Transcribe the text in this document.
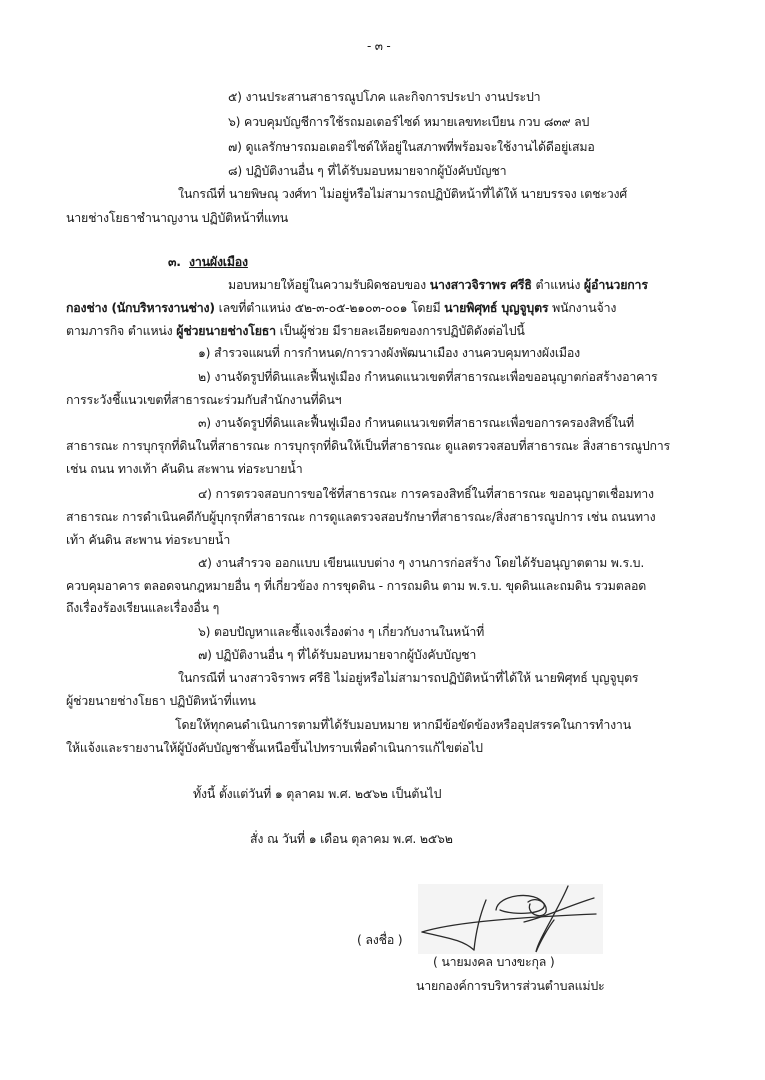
- ๓ -
๕) งานประสานสาธารณูปโภค และกิจการประปา งานประปา
๖) ควบคุมบัญชีการใช้รถมอเตอร์ไซด์ หมายเลขทะเบียน กวบ ๘๓๙ ลป
๗) ดูแลรักษารถมอเตอร์ไซด์ให้อยู่ในสภาพที่พร้อมจะใช้งานได้ดีอยู่เสมอ
๘) ปฏิบัติงานอื่น ๆ ที่ได้รับมอบหมายจากผู้บังคับบัญชา
ในกรณีที่ นายพิษณุ วงศ์ทา ไม่อยู่หรือไม่สามารถปฏิบัติหน้าที่ได้ให้ นายบรรจง เตชะวงศ์
นายช่างโยธาชำนาญงาน ปฏิบัติหน้าที่แทน
๓. งานผังเมือง
มอบหมายให้อยู่ในความรับผิดชอบของ นางสาวจิราพร ศรีธิ ตำแหน่ง ผู้อำนวยการ
กองช่าง (นักบริหารงานช่าง) เลขที่ตำแหน่ง ๕๒-๓-๐๕-๒๑๐๓-๐๐๑ โดยมี นายพิศุทธ์ บุญจูบุตร พนักงานจ้าง
ตามภารกิจ ตำแหน่ง ผู้ช่วยนายช่างโยธา เป็นผู้ช่วย มีรายละเอียดของการปฏิบัติดังต่อไปนี้
๑) สำรวจแผนที่ การกำหนด/การวางผังพัฒนาเมือง งานควบคุมทางผังเมือง
๒) งานจัดรูปที่ดินและฟื้นฟูเมือง กำหนดแนวเขตที่สาธารณะเพื่อขออนุญาตก่อสร้างอาคาร
การระวังชี้แนวเขตที่สาธารณะร่วมกับสำนักงานที่ดินฯ
๓) งานจัดรูปที่ดินและฟื้นฟูเมือง กำหนดแนวเขตที่สาธารณะเพื่อขอการครองสิทธิ์ในที่
สาธารณะ การบุกรุกที่ดินในที่สาธารณะ การบุกรุกที่ดินให้เป็นที่สาธารณะ ดูแลตรวจสอบที่สาธารณะ สิ่งสาธารณูปการ
เช่น ถนน ทางเท้า คันดิน สะพาน ท่อระบายน้ำ
๔) การตรวจสอบการขอใช้ที่สาธารณะ การครองสิทธิ์ในที่สาธารณะ ขออนุญาตเชื่อมทาง
สาธารณะ การดำเนินคดีกับผู้บุกรุกที่สาธารณะ การดูแลตรวจสอบรักษาที่สาธารณะ/สิ่งสาธารณูปการ เช่น ถนนทาง
เท้า คันดิน สะพาน ท่อระบายน้ำ
๕) งานสำรวจ ออกแบบ เขียนแบบต่าง ๆ งานการก่อสร้าง โดยได้รับอนุญาตตาม พ.ร.บ.
ควบคุมอาคาร ตลอดจนกฎหมายอื่น ๆ ที่เกี่ยวข้อง การขุดดิน - การถมดิน ตาม พ.ร.บ. ขุดดินและถมดิน รวมตลอด
ถึงเรื่องร้องเรียนและเรื่องอื่น ๆ
๖) ตอบปัญหาและชี้แจงเรื่องต่าง ๆ เกี่ยวกับงานในหน้าที่
๗) ปฏิบัติงานอื่น ๆ ที่ได้รับมอบหมายจากผู้บังคับบัญชา
ในกรณีที่ นางสาวจิราพร ศรีธิ ไม่อยู่หรือไม่สามารถปฏิบัติหน้าที่ได้ให้ นายพิศุทธ์ บุญจูบุตร
ผู้ช่วยนายช่างโยธา ปฏิบัติหน้าที่แทน
โดยให้ทุกคนดำเนินการตามที่ได้รับมอบหมาย หากมีข้อขัดข้องหรืออุปสรรคในการทำงาน
ให้แจ้งและรายงานให้ผู้บังคับบัญชาชั้นเหนือขึ้นไปทราบเพื่อดำเนินการแก้ไขต่อไป
ทั้งนี้ ตั้งแต่วันที่ ๑ ตุลาคม พ.ศ. ๒๕๖๒ เป็นต้นไป
สั่ง ณ วันที่ ๑ เดือน ตุลาคม พ.ศ. ๒๕๖๒
( ลงชื่อ )
( นายมงคล บางขะกุล )
นายกองค์การบริหารส่วนตำบลแม่ปะ
